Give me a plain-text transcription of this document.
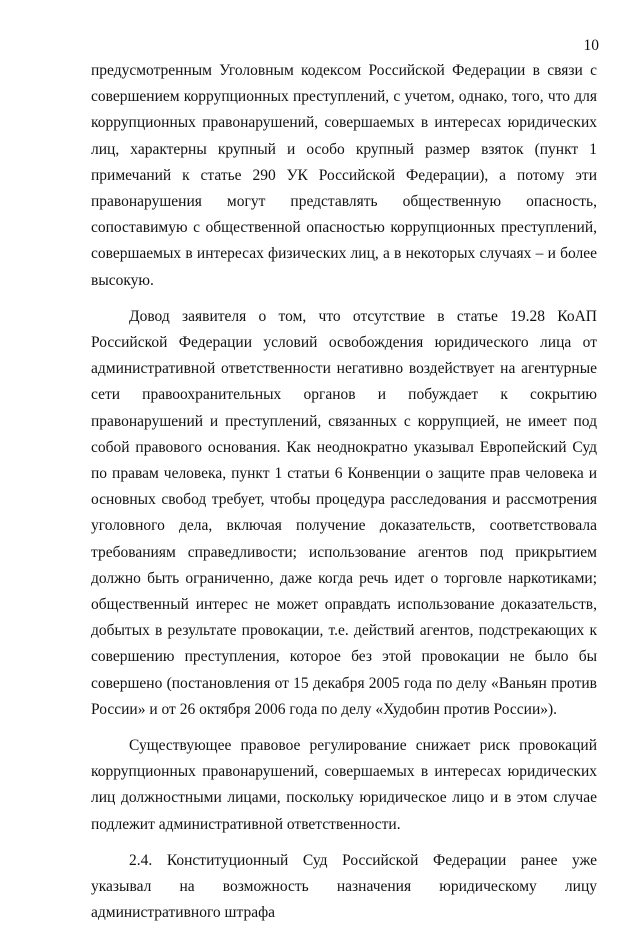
10

предусмотренным Уголовным кодексом Российской Федерации в связи с совершением коррупционных преступлений, с учетом, однако, того, что для коррупционных правонарушений, совершаемых в интересах юридических лиц, характерны крупный и особо крупный размер взяток (пункт 1 примечаний к статье 290 УК Российской Федерации), а потому эти правонарушения могут представлять общественную опасность, сопоставимую с общественной опасностью коррупционных преступлений, совершаемых в интересах физических лиц, а в некоторых случаях – и более высокую.

Довод заявителя о том, что отсутствие в статье 19.28 КоАП Российской Федерации условий освобождения юридического лица от административной ответственности негативно воздействует на агентурные сети правоохранительных органов и побуждает к сокрытию правонарушений и преступлений, связанных с коррупцией, не имеет под собой правового основания. Как неоднократно указывал Европейский Суд по правам человека, пункт 1 статьи 6 Конвенции о защите прав человека и основных свобод требует, чтобы процедура расследования и рассмотрения уголовного дела, включая получение доказательств, соответствовала требованиям справедливости; использование агентов под прикрытием должно быть ограниченно, даже когда речь идет о торговле наркотиками; общественный интерес не может оправдать использование доказательств, добытых в результате провокации, т.е. действий агентов, подстрекающих к совершению преступления, которое без этой провокации не было бы совершено (постановления от 15 декабря 2005 года по делу «Ваньян против России» и от 26 октября 2006 года по делу «Худобин против России»).

Существующее правовое регулирование снижает риск провокаций коррупционных правонарушений, совершаемых в интересах юридических лиц должностными лицами, поскольку юридическое лицо и в этом случае подлежит административной ответственности.

2.4. Конституционный Суд Российской Федерации ранее уже указывал на возможность назначения юридическому лицу административного штрафа
